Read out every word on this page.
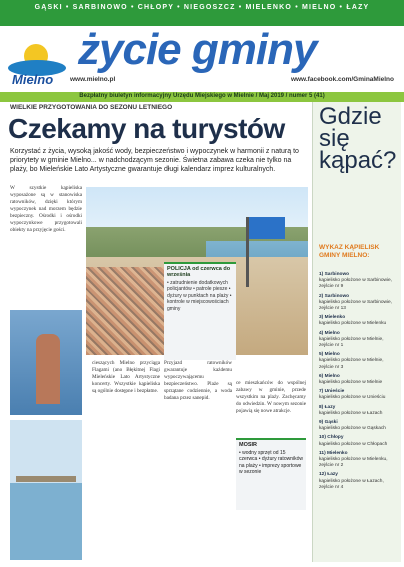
GĄSKI • SARBINOWO • CHŁOPY • NIEGOSZCZ • MIELENKO • MIELNO • ŁAZY
Mielno
życie gminy
www.mielno.pl	www.facebook.com/GminaMielno
Bezpłatny biuletyn informacyjny Urzędu Miejskiego w Mielnie / Maj 2019 / numer 5 (41)
WIELKIE PRZYGOTOWANIA DO SEZONU LETNIEGO
Czekamy na turystów
Korzystać z życia, wysoką jakość wody, bezpieczeństwo i wypoczynek w harmonii z naturą to priorytety w gminie Mielno... w nadchodzącym sezonie. Świetna zabawa czeka nie tylko na plaży, bo Mieleńskie Lato Artystyczne gwarantuje długi kalendarz imprez kulturalnych.
W szystkie kąpieliska wyposażone są w stanowiska ratowników, dzięki którym wypoczynek nad morzem będzie bezpieczny. Ośrodki i ośrodki wypoczynkowe przygotowali obiekty na przyjęcie gości.
cieszących Mielno przyciąga Flagami (ano Błękitnej Flagi Mieleńskie Lato Artystyczne koncerty. Wszystkie kąpieliska są ogólnie dostępne i bezpłatne.
Przyjazd ratowników gwarantuje każdemu wypoczywającemu bezpieczeństwo. Plaże są sprzątane codziennie, a woda badana przez sanepid.
ce mieszkańców do wspólnej zabawy w gminie, przede wszystkim na plaży. Zachęcamy do odwiedzin. W nowym sezonie pojawią się nowe atrakcje.
POLICJA od czerwca do września

• zatrudnienie dodatkowych policjantów • patrole piesze • dyżury w punktach na plaży • kontrole w miejscowościach gminy

MOSIR

• wodny sprzęt od 15 czerwca • dyżury ratowników na plaży • imprezy sportowe w sezonie

Gdzie się kąpać?
WYKAZ KĄPIELISK GMINY MIELNO:
1) Sarbinowo
kąpielisko położone w Sarbinowie, zejście nr 9
2) Sarbinowo
kąpielisko położone w Sarbinowie, zejście nr 13
3) Mielenko
kąpielisko położone w Mielenku
4) Mielno
kąpielisko położone w Mielnie, zejście nr 1
5) Mielno
kąpielisko położone w Mielnie, zejście nr 3
6) Mielno
kąpielisko położone w Mielnie
7) Unieście
kąpielisko położone w Unieściu
8) Łazy
kąpielisko położone w Łazach
9) Gąski
kąpielisko położone w Gąskach
10) Chłopy
kąpielisko położone w Chłopach
11) Mielenko
kąpielisko położone w Mielenku, zejście nr 2
12) Łazy
kąpielisko położone w Łazach, zejście nr 4
